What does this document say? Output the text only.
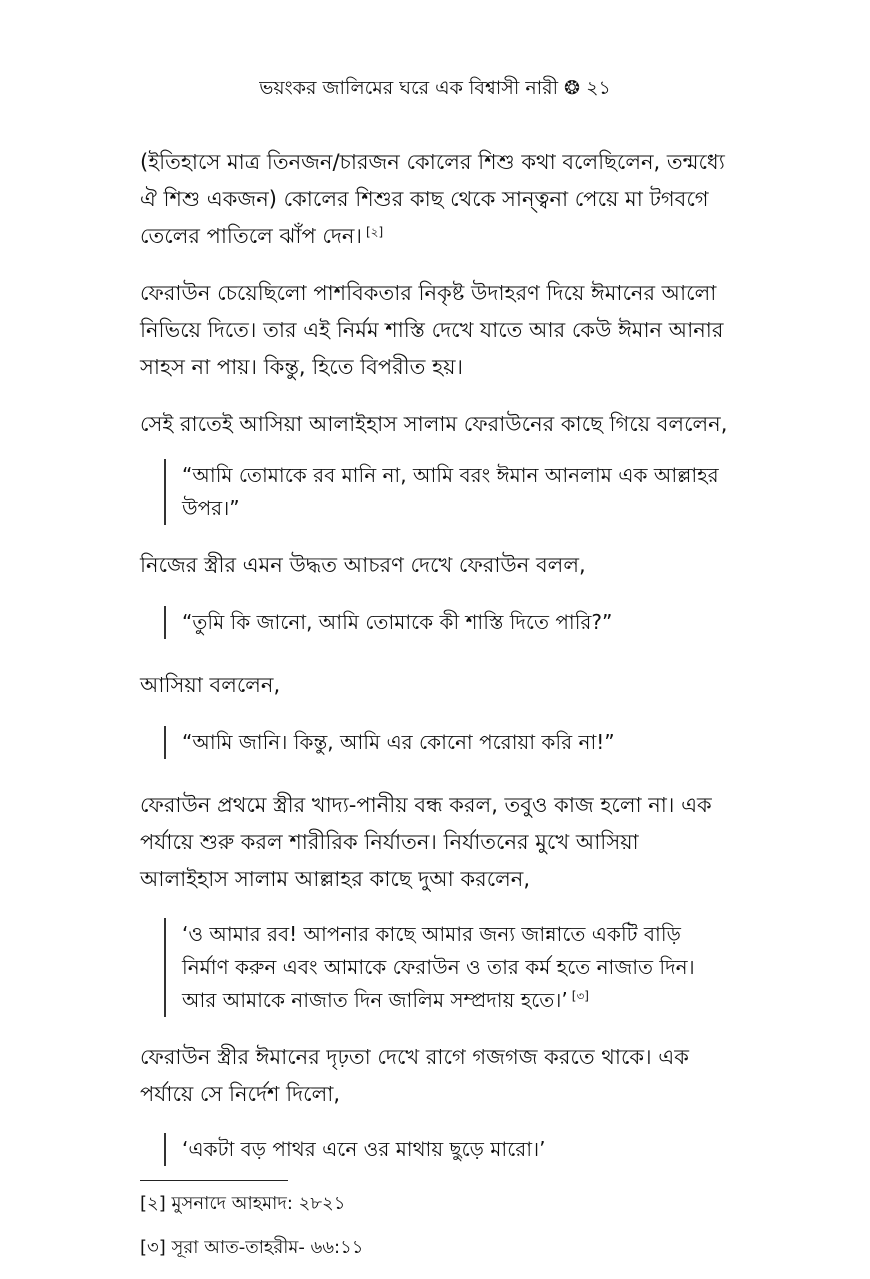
ভয়ংকর জালিমের ঘরে এক বিশ্বাসী নারী ❂ ২১

(ইতিহাসে মাত্র তিনজন/চারজন কোলের শিশু কথা বলেছিলেন, তন্মধ্যে ঐ শিশু একজন) কোলের শিশুর কাছ থেকে সান্ত্বনা পেয়ে মা টগবগে তেলের পাতিলে ঝাঁপ দেন। [২]

ফেরাউন চেয়েছিলো পাশবিকতার নিকৃষ্ট উদাহরণ দিয়ে ঈমানের আলো নিভিয়ে দিতে। তার এই নির্মম শাস্তি দেখে যাতে আর কেউ ঈমান আনার সাহস না পায়। কিন্তু, হিতে বিপরীত হয়।

সেই রাতেই আসিয়া আলাইহাস সালাম ফেরাউনের কাছে গিয়ে বললেন,

“আমি তোমাকে রব মানি না, আমি বরং ঈমান আনলাম এক আল্লাহর উপর।”

নিজের স্ত্রীর এমন উদ্ধত আচরণ দেখে ফেরাউন বলল,

“তুমি কি জানো, আমি তোমাকে কী শাস্তি দিতে পারি?”

আসিয়া বললেন,

“আমি জানি। কিন্তু, আমি এর কোনো পরোয়া করি না!”

ফেরাউন প্রথমে স্ত্রীর খাদ্য-পানীয় বন্ধ করল, তবুও কাজ হলো না। এক পর্যায়ে শুরু করল শারীরিক নির্যাতন। নির্যাতনের মুখে আসিয়া আলাইহাস সালাম আল্লাহর কাছে দুআ করলেন,

‘ও আমার রব! আপনার কাছে আমার জন্য জান্নাতে একটি বাড়ি নির্মাণ করুন এবং আমাকে ফেরাউন ও তার কর্ম হতে নাজাত দিন। আর আমাকে নাজাত দিন জালিম সম্প্রদায় হতে।’ [৩]

ফেরাউন স্ত্রীর ঈমানের দৃঢ়তা দেখে রাগে গজগজ করতে থাকে। এক পর্যায়ে সে নির্দেশ দিলো,

‘একটা বড় পাথর এনে ওর মাথায় ছুড়ে মারো।’

[২] মুসনাদে আহমাদ: ২৮২১

[৩] সূরা আত-তাহরীম- ৬৬:১১
